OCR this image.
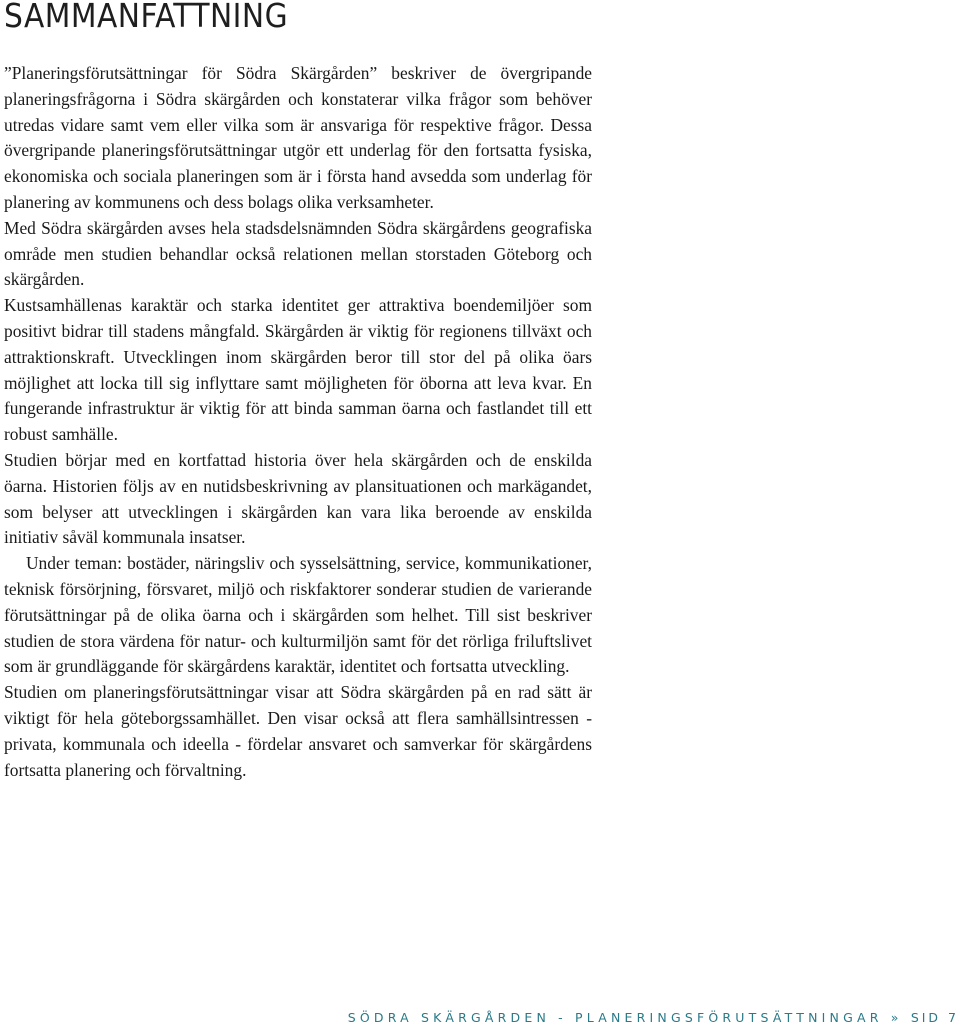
SAMMANFATTNING

”Planeringsförutsättningar för Södra Skärgården” beskriver de övergripande planeringsfrågorna i Södra skärgården och konstaterar vilka frågor som behöver utredas vidare samt vem eller vilka som är ansvariga för respektive frågor. Dessa övergripande planeringsförutsättningar utgör ett underlag för den fortsatta fysiska, ekonomiska och sociala planeringen som är i första hand avsedda som underlag för planering av kommunens och dess bolags olika verksamheter.

Med Södra skärgården avses hela stadsdelsnämnden Södra skärgårdens geografiska område men studien behandlar också relationen mellan storstaden Göteborg och skärgården.

Kustsamhällenas karaktär och starka identitet ger attraktiva boendemiljöer som positivt bidrar till stadens mångfald. Skärgården är viktig för regionens tillväxt och attraktionskraft. Utvecklingen inom skärgården beror till stor del på olika öars möjlighet att locka till sig inflyttare samt möjligheten för öborna att leva kvar. En fungerande infrastruktur är viktig för att binda samman öarna och fastlandet till ett robust samhälle.

Studien börjar med en kortfattad historia över hela skärgården och de enskilda öarna. Historien följs av en nutidsbeskrivning av plansituationen och markägandet, som belyser att utvecklingen i skärgården kan vara lika beroende av enskilda initiativ såväl kommunala insatser.

Under teman: bostäder, näringsliv och sysselsättning, service, kommunikationer, teknisk försörjning, försvaret, miljö och riskfaktorer sonderar studien de varierande förutsättningar på de olika öarna och i skärgården som helhet. Till sist beskriver studien de stora värdena för natur- och kulturmiljön samt för det rörliga friluftslivet som är grundläggande för skärgårdens karaktär, identitet och fortsatta utveckling.

Studien om planeringsförutsättningar visar att Södra skärgården på en rad sätt är viktigt för hela göteborgssamhället. Den visar också att flera samhällsintressen - privata, kommunala och ideella - fördelar ansvaret och samverkar för skärgårdens fortsatta planering och förvaltning.

SÖDRA SKÄRGÅRDEN - PLANERINGSFÖRUTSÄTTNINGAR » SID 7
